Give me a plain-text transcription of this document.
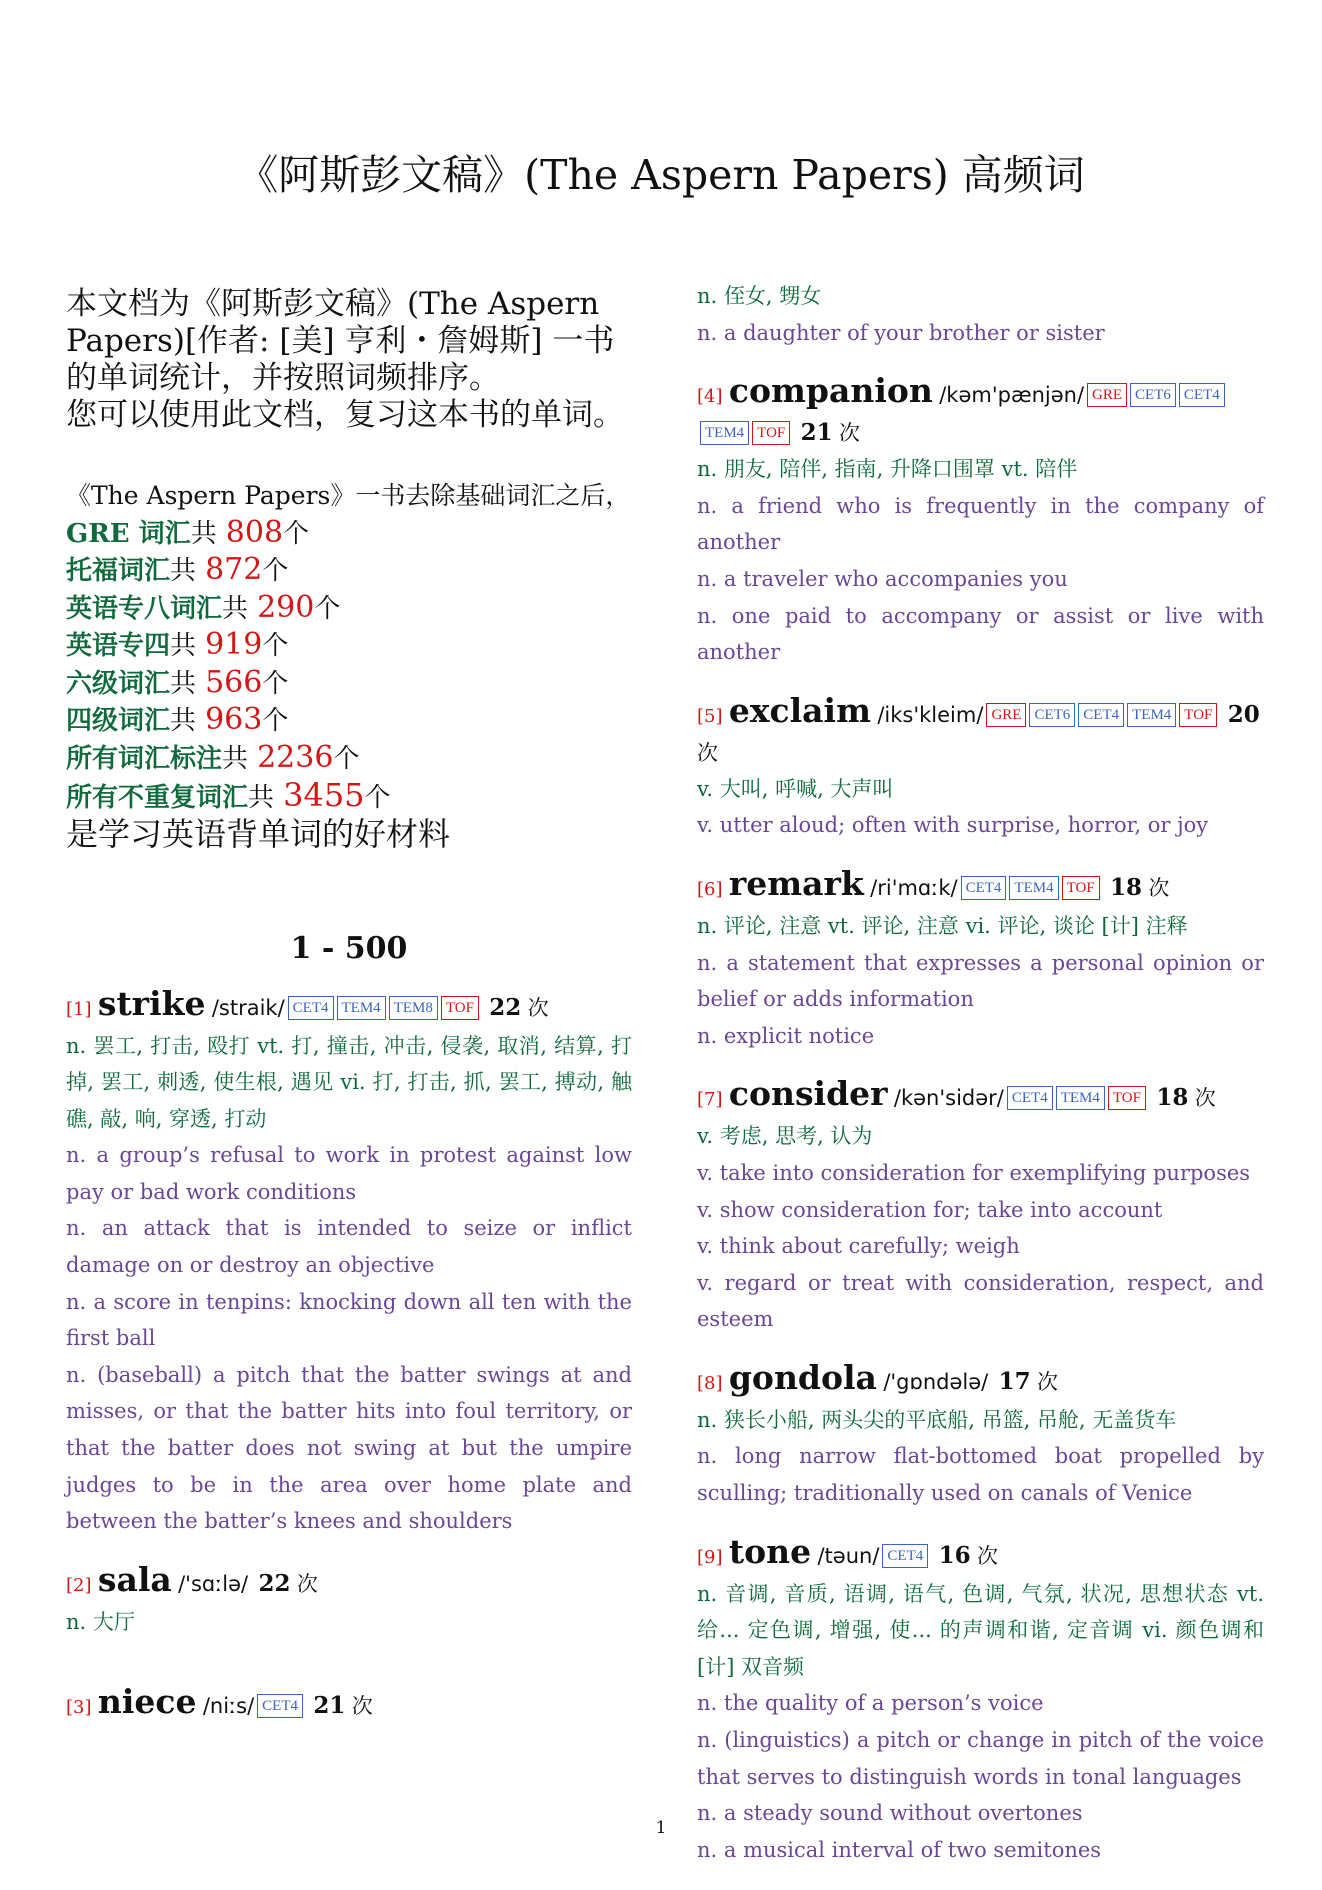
《阿斯彭文稿》(The Aspern Papers) 高频词

本文档为《阿斯彭文稿》(The Aspern Papers)[作者: [美] 亨利・詹姆斯] 一书的单词统计，并按照词频排序。
您可以使用此文档，复习这本书的单词。

《The Aspern Papers》一书去除基础词汇之后，
GRE 词汇共 808个
托福词汇共 872个
英语专八词汇共 290个
英语专四共 919个
六级词汇共 566个
四级词汇共 963个
所有词汇标注共 2236个
所有不重复词汇共 3455个
是学习英语背单词的好材料
1 - 500
[1] strike /straik/ CET4 TEM4 TEM8 TOF 22 次
n. 罢工, 打击, 殴打 vt. 打, 撞击, 冲击, 侵袭, 取消, 结算, 打掉, 罢工, 刺透, 使生根, 遇见 vi. 打, 打击, 抓, 罢工, 搏动, 触礁, 敲, 响, 穿透, 打动
n. a group’s refusal to work in protest against low pay or bad work conditions
n. an attack that is intended to seize or inflict damage on or destroy an objective
n. a score in tenpins: knocking down all ten with the first ball
n. (baseball) a pitch that the batter swings at and misses, or that the batter hits into foul territory, or that the batter does not swing at but the umpire judges to be in the area over home plate and between the batter’s knees and shoulders
[2] sala /'sɑːlə/ 22 次
n. 大厅
[3] niece /niːs/ CET4 21 次
n. 侄女, 甥女
n. a daughter of your brother or sister
[4] companion /kəm'pænjən/ GRE CET6 CET4TEM4 TOF 21 次
n. 朋友, 陪伴, 指南, 升降口围罩 vt. 陪伴
n. a friend who is frequently in the company of another
n. a traveler who accompanies you
n. one paid to accompany or assist or live with another
[5] exclaim /iks'kleim/ GRE CET6 CET4 TEM4 TOF 20 次
v. 大叫, 呼喊, 大声叫
v. utter aloud; often with surprise, horror, or joy
[6] remark /ri'mɑːk/ CET4 TEM4 TOF 18 次
n. 评论, 注意 vt. 评论, 注意 vi. 评论, 谈论 [计] 注释
n. a statement that expresses a personal opinion or belief or adds information
n. explicit notice
[7] consider /kən'sidər/ CET4 TEM4 TOF 18 次
v. 考虑, 思考, 认为
v. take into consideration for exemplifying purposes
v. show consideration for; take into account
v. think about carefully; weigh
v. regard or treat with consideration, respect, and esteem
[8] gondola /'gɒndələ/ 17 次
n. 狭长小船, 两头尖的平底船, 吊篮, 吊舱, 无盖货车
n. long narrow flat-bottomed boat propelled by sculling; traditionally used on canals of Venice
[9] tone /təun/ CET4 16 次
n. 音调, 音质, 语调, 语气, 色调, 气氛, 状况, 思想状态 vt. 给... 定色调, 增强, 使... 的声调和谐, 定音调 vi. 颜色调和 [计] 双音频
n. the quality of a person’s voice
n. (linguistics) a pitch or change in pitch of the voice that serves to distinguish words in tonal languages
n. a steady sound without overtones
n. a musical interval of two semitones
1
